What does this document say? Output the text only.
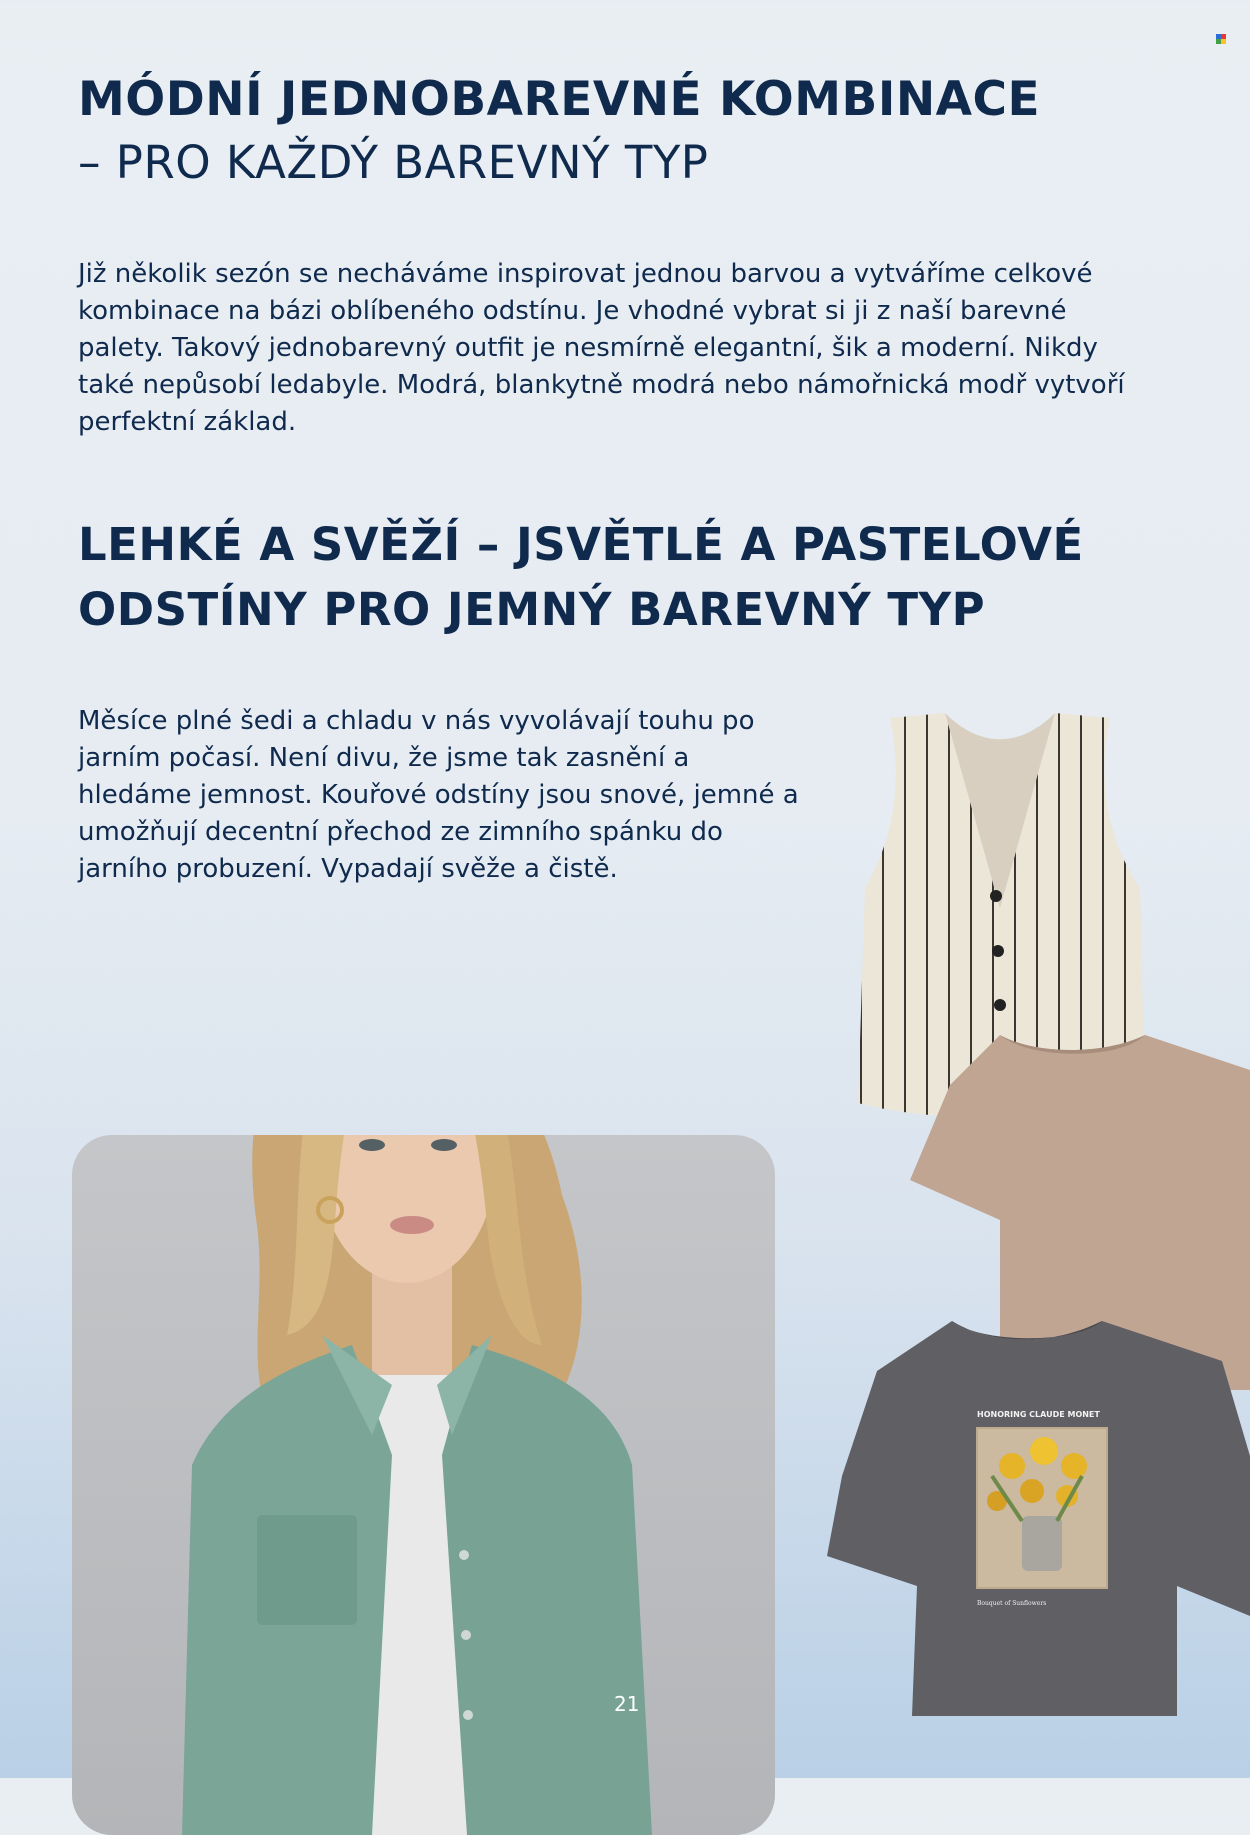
MÓDNÍ JEDNOBAREVNÉ KOMBINACE
– PRO KAŽDÝ BAREVNÝ TYP

Již několik sezón se necháváme inspirovat jednou barvou a vytváříme celkové kombinace na bázi oblíbeného odstínu. Je vhodné vybrat si ji z naší barevné palety. Takový jednobarevný outfit je nesmírně elegantní, šik a moderní. Nikdy také nepůsobí ledabyle. Modrá, blankytně modrá nebo námořnická modř vytvoří perfektní základ.

LEHKÉ A SVĚŽÍ – JSVĚTLÉ A PASTELOVÉ ODSTÍNY PRO JEMNÝ BAREVNÝ TYP

Měsíce plné šedi a chladu v nás vyvolávají touhu po jarním počasí. Není divu, že jsme tak zasnění a hledáme jemnost. Kouřové odstíny jsou snové, jemné a umožňují decentní přechod ze zimního spánku do jarního probuzení. Vypadají svěže a čistě.

21
HONORING CLAUDE MONET
Bouquet of Sunflowers
